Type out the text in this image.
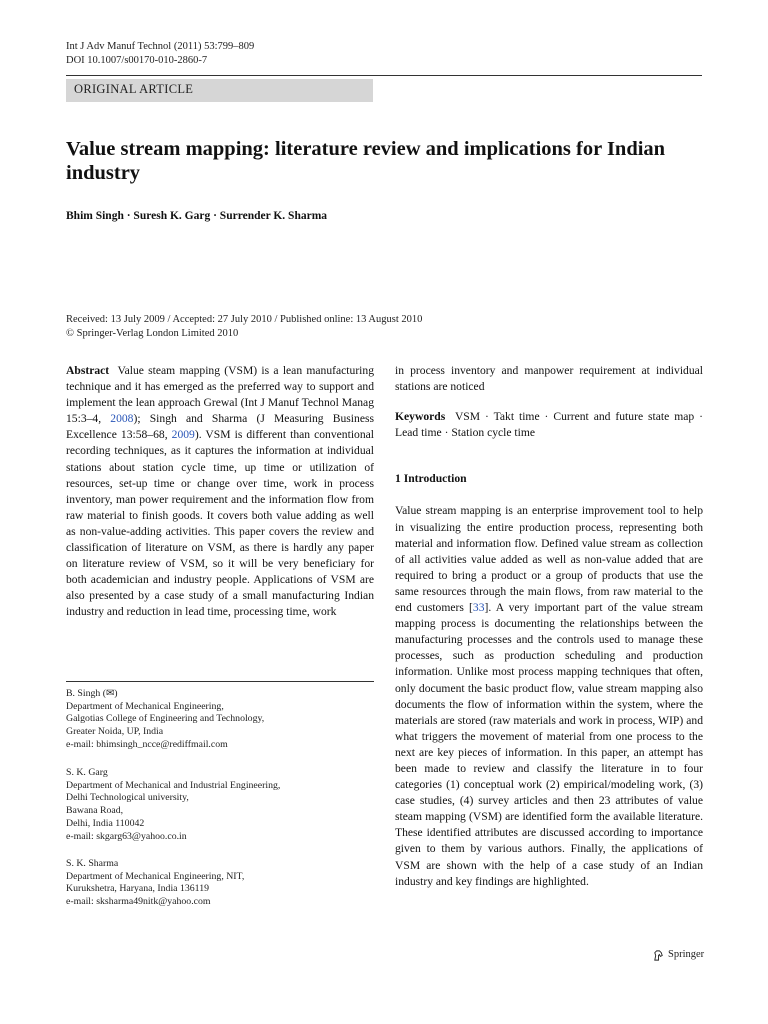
Int J Adv Manuf Technol (2011) 53:799–809
DOI 10.1007/s00170-010-2860-7
ORIGINAL ARTICLE
Value stream mapping: literature review and implications for Indian industry
Bhim Singh · Suresh K. Garg · Surrender K. Sharma
Received: 13 July 2009 / Accepted: 27 July 2010 / Published online: 13 August 2010
© Springer-Verlag London Limited 2010
Abstract Value steam mapping (VSM) is a lean manufacturing technique and it has emerged as the preferred way to support and implement the lean approach Grewal (Int J Manuf Technol Manag 15:3–4, 2008); Singh and Sharma (J Measuring Business Excellence 13:58–68, 2009). VSM is different than conventional recording techniques, as it captures the information at individual stations about station cycle time, up time or utilization of resources, set-up time or change over time, work in process inventory, man power requirement and the information flow from raw material to finish goods. It covers both value adding as well as non-value-adding activities. This paper covers the review and classification of literature on VSM, as there is hardly any paper on literature review of VSM, so it will be very beneficiary for both academician and industry people. Applications of VSM are also presented by a case study of a small manufacturing Indian industry and reduction in lead time, processing time, work
in process inventory and manpower requirement at individual stations are noticed
Keywords VSM · Takt time · Current and future state map · Lead time · Station cycle time
1 Introduction
Value stream mapping is an enterprise improvement tool to help in visualizing the entire production process, representing both material and information flow. Defined value stream as collection of all activities value added as well as non-value added that are required to bring a product or a group of products that use the same resources through the main flows, from raw material to the end customers [33]. A very important part of the value stream mapping process is documenting the relationships between the manufacturing processes and the controls used to manage these processes, such as production scheduling and production information. Unlike most process mapping techniques that often, only document the basic product flow, value stream mapping also documents the flow of information within the system, where the materials are stored (raw materials and work in process, WIP) and what triggers the movement of material from one process to the next are key pieces of information. In this paper, an attempt has been made to review and classify the literature in to four categories (1) conceptual work (2) empirical/modeling work, (3) case studies, (4) survey articles and then 23 attributes of value steam mapping (VSM) are identified form the available literature. These identified attributes are discussed according to importance given to them by various authors. Finally, the applications of VSM are shown with the help of a case study of an Indian industry and key findings are highlighted.
B. Singh (✉)
Department of Mechanical Engineering,
Galgotias College of Engineering and Technology,
Greater Noida, UP, India
e-mail: bhimsingh_ncce@rediffmail.com
S. K. Garg
Department of Mechanical and Industrial Engineering,
Delhi Technological university,
Bawana Road,
Delhi, India 110042
e-mail: skgarg63@yahoo.co.in
S. K. Sharma
Department of Mechanical Engineering, NIT,
Kurukshetra, Haryana, India 136119
e-mail: sksharma49nitk@yahoo.com
Springer
